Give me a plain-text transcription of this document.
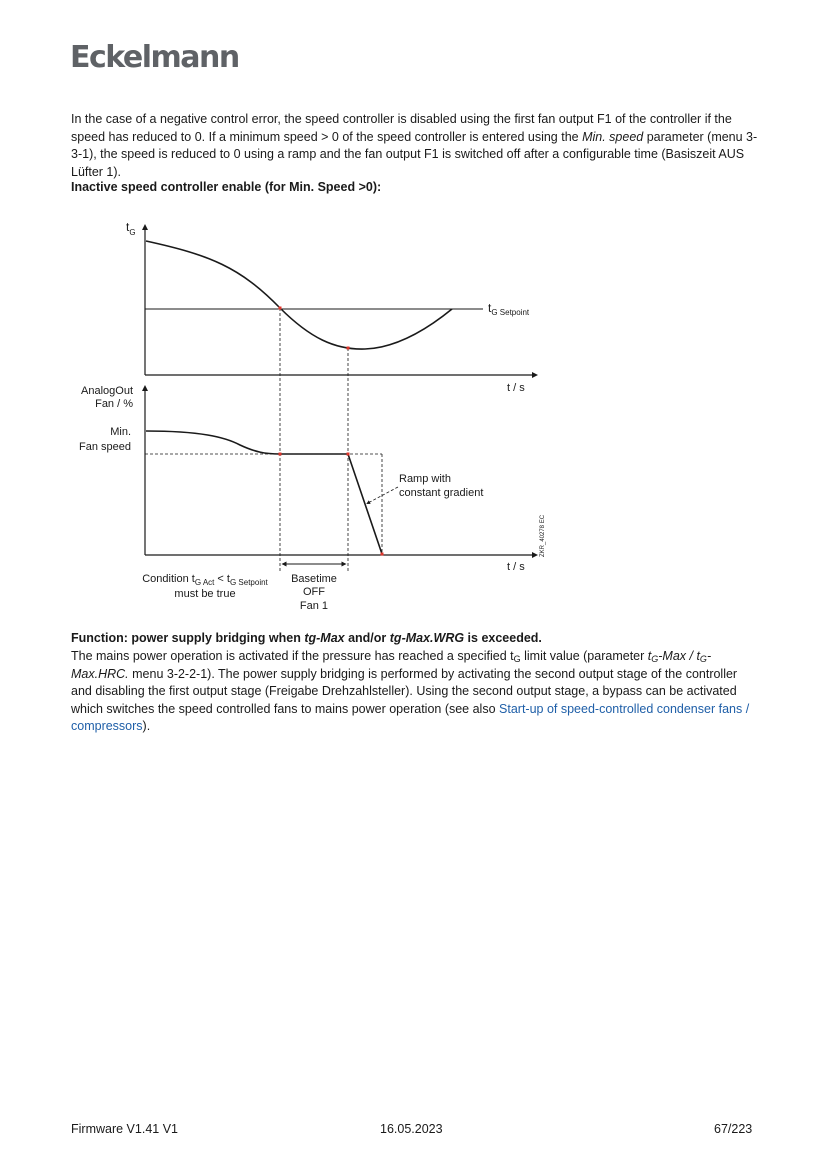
Eckelmann

In the case of a negative control error, the speed controller is disabled using the first fan output F1 of the controller if the speed has reduced to 0. If a minimum speed > 0 of the speed controller is entered using the Min. speed parameter (menu 3-3-1), the speed is reduced to 0 using a ramp and the fan output F1 is switched off after a configurable time (Basiszeit AUS Lüfter 1).

Inactive speed controller enable (for Min. Speed >0):

$t_G$
$t_{G Setpoint}$
t / s
AnalogOut
Fan / %
Min.
Fan speed
Ramp with
constant gradient
ZKR_40278 EC
t / s
Condition $t_{G Act} < t_{G Setpoint}$
must be true
Basetime
OFF
Fan 1

Function: power supply bridging when tg-Max and/or tg-Max.WRG is exceeded.

The mains power operation is activated if the pressure has reached a specified $t_G$ limit value (parameter $t_G$-Max / $t_G-Max.HRC$. menu 3-2-2-1). The power supply bridging is performed by activating the second output stage of the controller and disabling the first output stage (Freigabe Drehzahlsteller). Using the second output stage, a bypass can be activated which switches the speed controlled fans to mains power operation (see also Start-up of speed-controlled condenser fans / compressors).

Firmware V1.41 V1	16.05.2023	67/223
